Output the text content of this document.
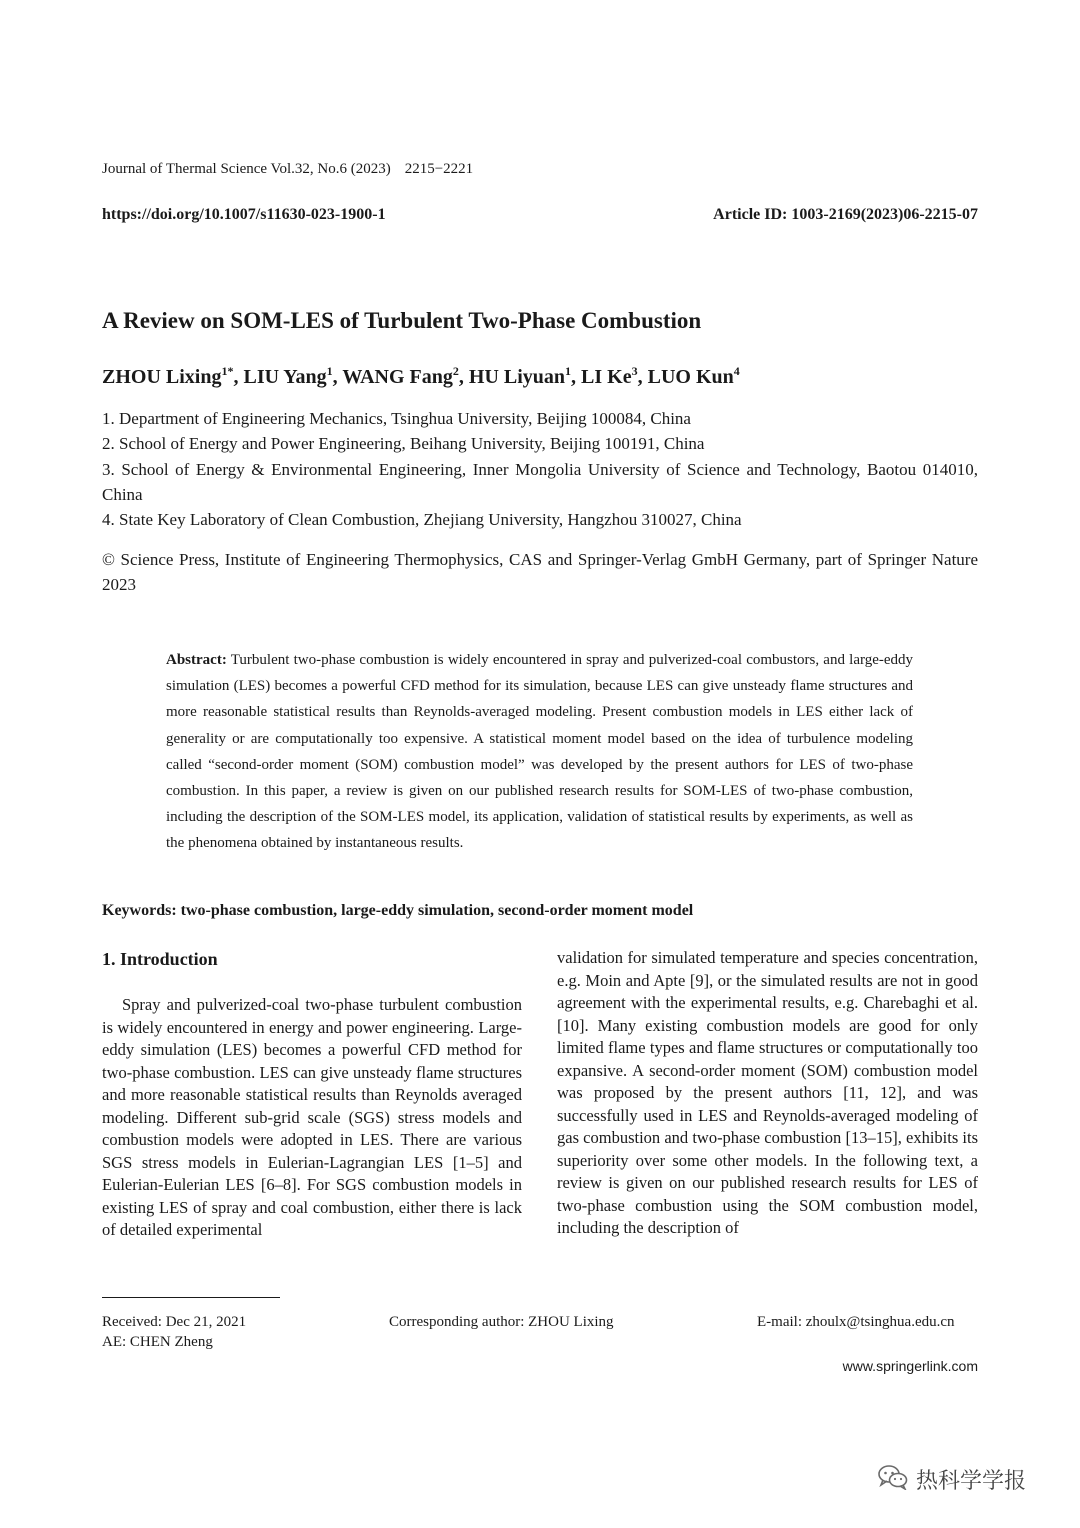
Journal of Thermal Science Vol.32, No.6 (2023) 2215−2221
https://doi.org/10.1007/s11630-023-1900-1	Article ID: 1003-2169(2023)06-2215-07
A Review on SOM-LES of Turbulent Two-Phase Combustion
ZHOU Lixing$^{1*}$, LIU Yang$^1$, WANG Fang$^2$, HU Liyuan$^1$, LI Ke$^3$, LUO Kun$^4$
1. Department of Engineering Mechanics, Tsinghua University, Beijing 100084, China
2. School of Energy and Power Engineering, Beihang University, Beijing 100191, China
3. School of Energy & Environmental Engineering, Inner Mongolia University of Science and Technology, Baotou 014010, China
4. State Key Laboratory of Clean Combustion, Zhejiang University, Hangzhou 310027, China
© Science Press, Institute of Engineering Thermophysics, CAS and Springer-Verlag GmbH Germany, part of Springer Nature 2023
Abstract: Turbulent two-phase combustion is widely encountered in spray and pulverized-coal combustors, and large-eddy simulation (LES) becomes a powerful CFD method for its simulation, because LES can give unsteady flame structures and more reasonable statistical results than Reynolds-averaged modeling. Present combustion models in LES either lack of generality or are computationally too expensive. A statistical moment model based on the idea of turbulence modeling called “second-order moment (SOM) combustion model” was developed by the present authors for LES of two-phase combustion. In this paper, a review is given on our published research results for SOM-LES of two-phase combustion, including the description of the SOM-LES model, its application, validation of statistical results by experiments, as well as the phenomena obtained by instantaneous results.
Keywords: two-phase combustion, large-eddy simulation, second-order moment model
1. Introduction
Spray and pulverized-coal two-phase turbulent combustion is widely encountered in energy and power engineering. Large-eddy simulation (LES) becomes a powerful CFD method for two-phase combustion. LES can give unsteady flame structures and more reasonable statistical results than Reynolds averaged modeling. Different sub-grid scale (SGS) stress models and combustion models were adopted in LES. There are various SGS stress models in Eulerian-Lagrangian LES [1–5] and Eulerian-Eulerian LES [6–8]. For SGS combustion models in existing LES of spray and coal combustion, either there is lack of detailed experimental
validation for simulated temperature and species concentration, e.g. Moin and Apte [9], or the simulated results are not in good agreement with the experimental results, e.g. Charebaghi et al. [10]. Many existing combustion models are good for only limited flame types and flame structures or computationally too expansive. A second-order moment (SOM) combustion model was proposed by the present authors [11, 12], and was successfully used in LES and Reynolds-averaged modeling of gas combustion and two-phase combustion [13–15], exhibits its superiority over some other models. In the following text, a review is given on our published research results for LES of two-phase combustion using the SOM combustion model, including the description of
Received: Dec 21, 2021
AE: CHEN Zheng
Corresponding author: ZHOU Lixing	E-mail: zhoulx@tsinghua.edu.cn
www.springerlink.com
热科学学报
